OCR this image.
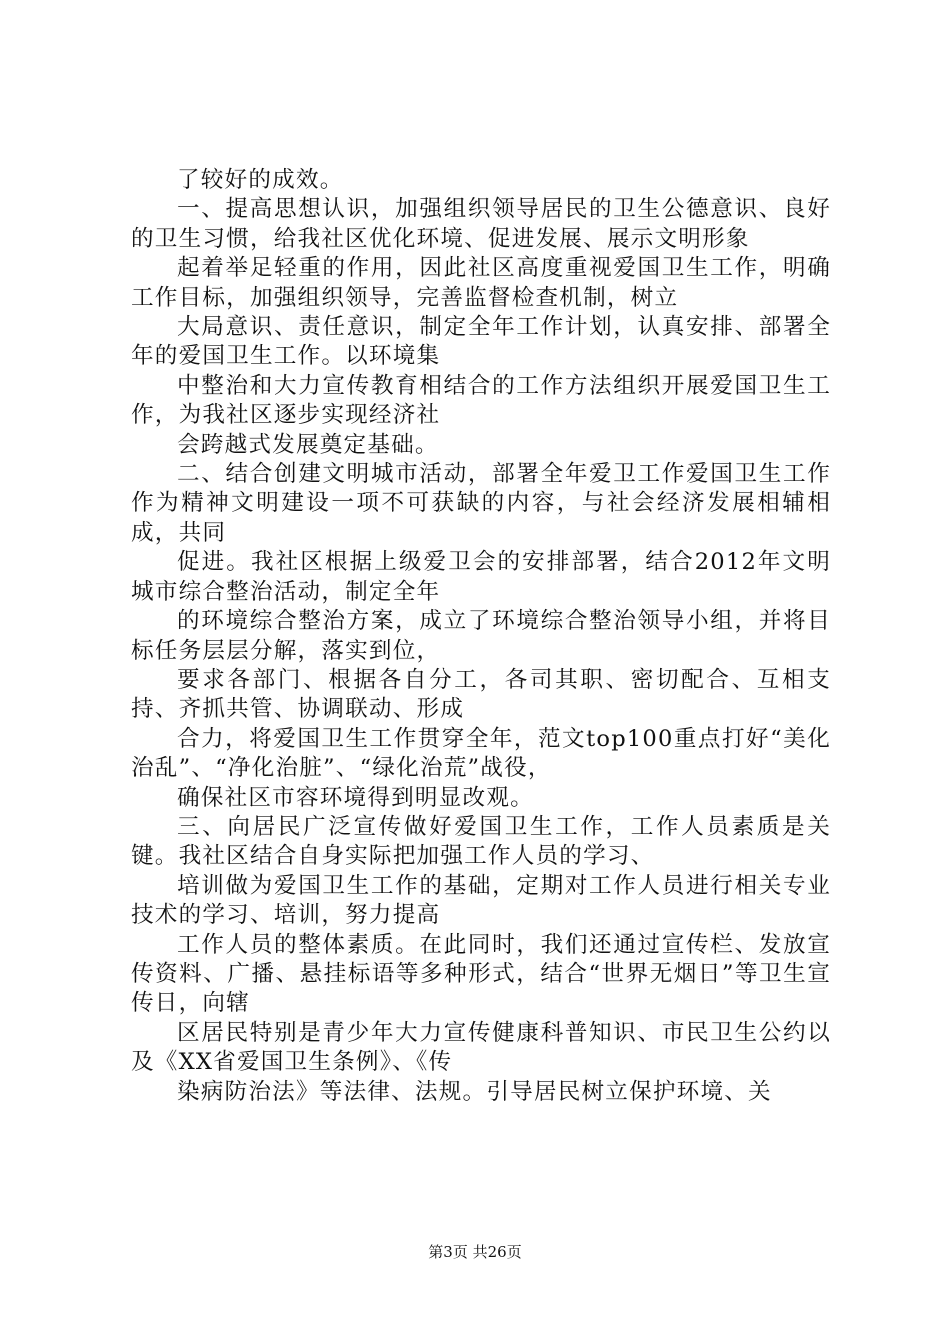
了较好的成效。

一、提高思想认识，加强组织领导居民的卫生公德意识、良好的卫生习惯，给我社区优化环境、促进发展、展示文明形象

起着举足轻重的作用，因此社区高度重视爱国卫生工作，明确工作目标，加强组织领导，完善监督检查机制，树立

大局意识、责任意识，制定全年工作计划，认真安排、部署全年的爱国卫生工作。以环境集

中整治和大力宣传教育相结合的工作方法组织开展爱国卫生工作，为我社区逐步实现经济社

会跨越式发展奠定基础。

二、结合创建文明城市活动，部署全年爱卫工作爱国卫生工作作为精神文明建设一项不可获缺的内容，与社会经济发展相辅相成，共同

促进。我社区根据上级爱卫会的安排部署，结合2012年文明城市综合整治活动，制定全年

的环境综合整治方案，成立了环境综合整治领导小组，并将目标任务层层分解，落实到位，

要求各部门、根据各自分工，各司其职、密切配合、互相支持、齐抓共管、协调联动、形成

合力，将爱国卫生工作贯穿全年，范文top100重点打好“美化治乱”、“净化治脏”、“绿化治荒”战役，

确保社区市容环境得到明显改观。

三、向居民广泛宣传做好爱国卫生工作，工作人员素质是关键。我社区结合自身实际把加强工作人员的学习、

培训做为爱国卫生工作的基础，定期对工作人员进行相关专业技术的学习、培训，努力提高

工作人员的整体素质。在此同时，我们还通过宣传栏、发放宣传资料、广播、悬挂标语等多种形式，结合“世界无烟日”等卫生宣传日，向辖

区居民特别是青少年大力宣传健康科普知识、市民卫生公约以及《XX省爱国卫生条例》、《传

染病防治法》等法律、法规。引导居民树立保护环境、关

第3页 共26页
